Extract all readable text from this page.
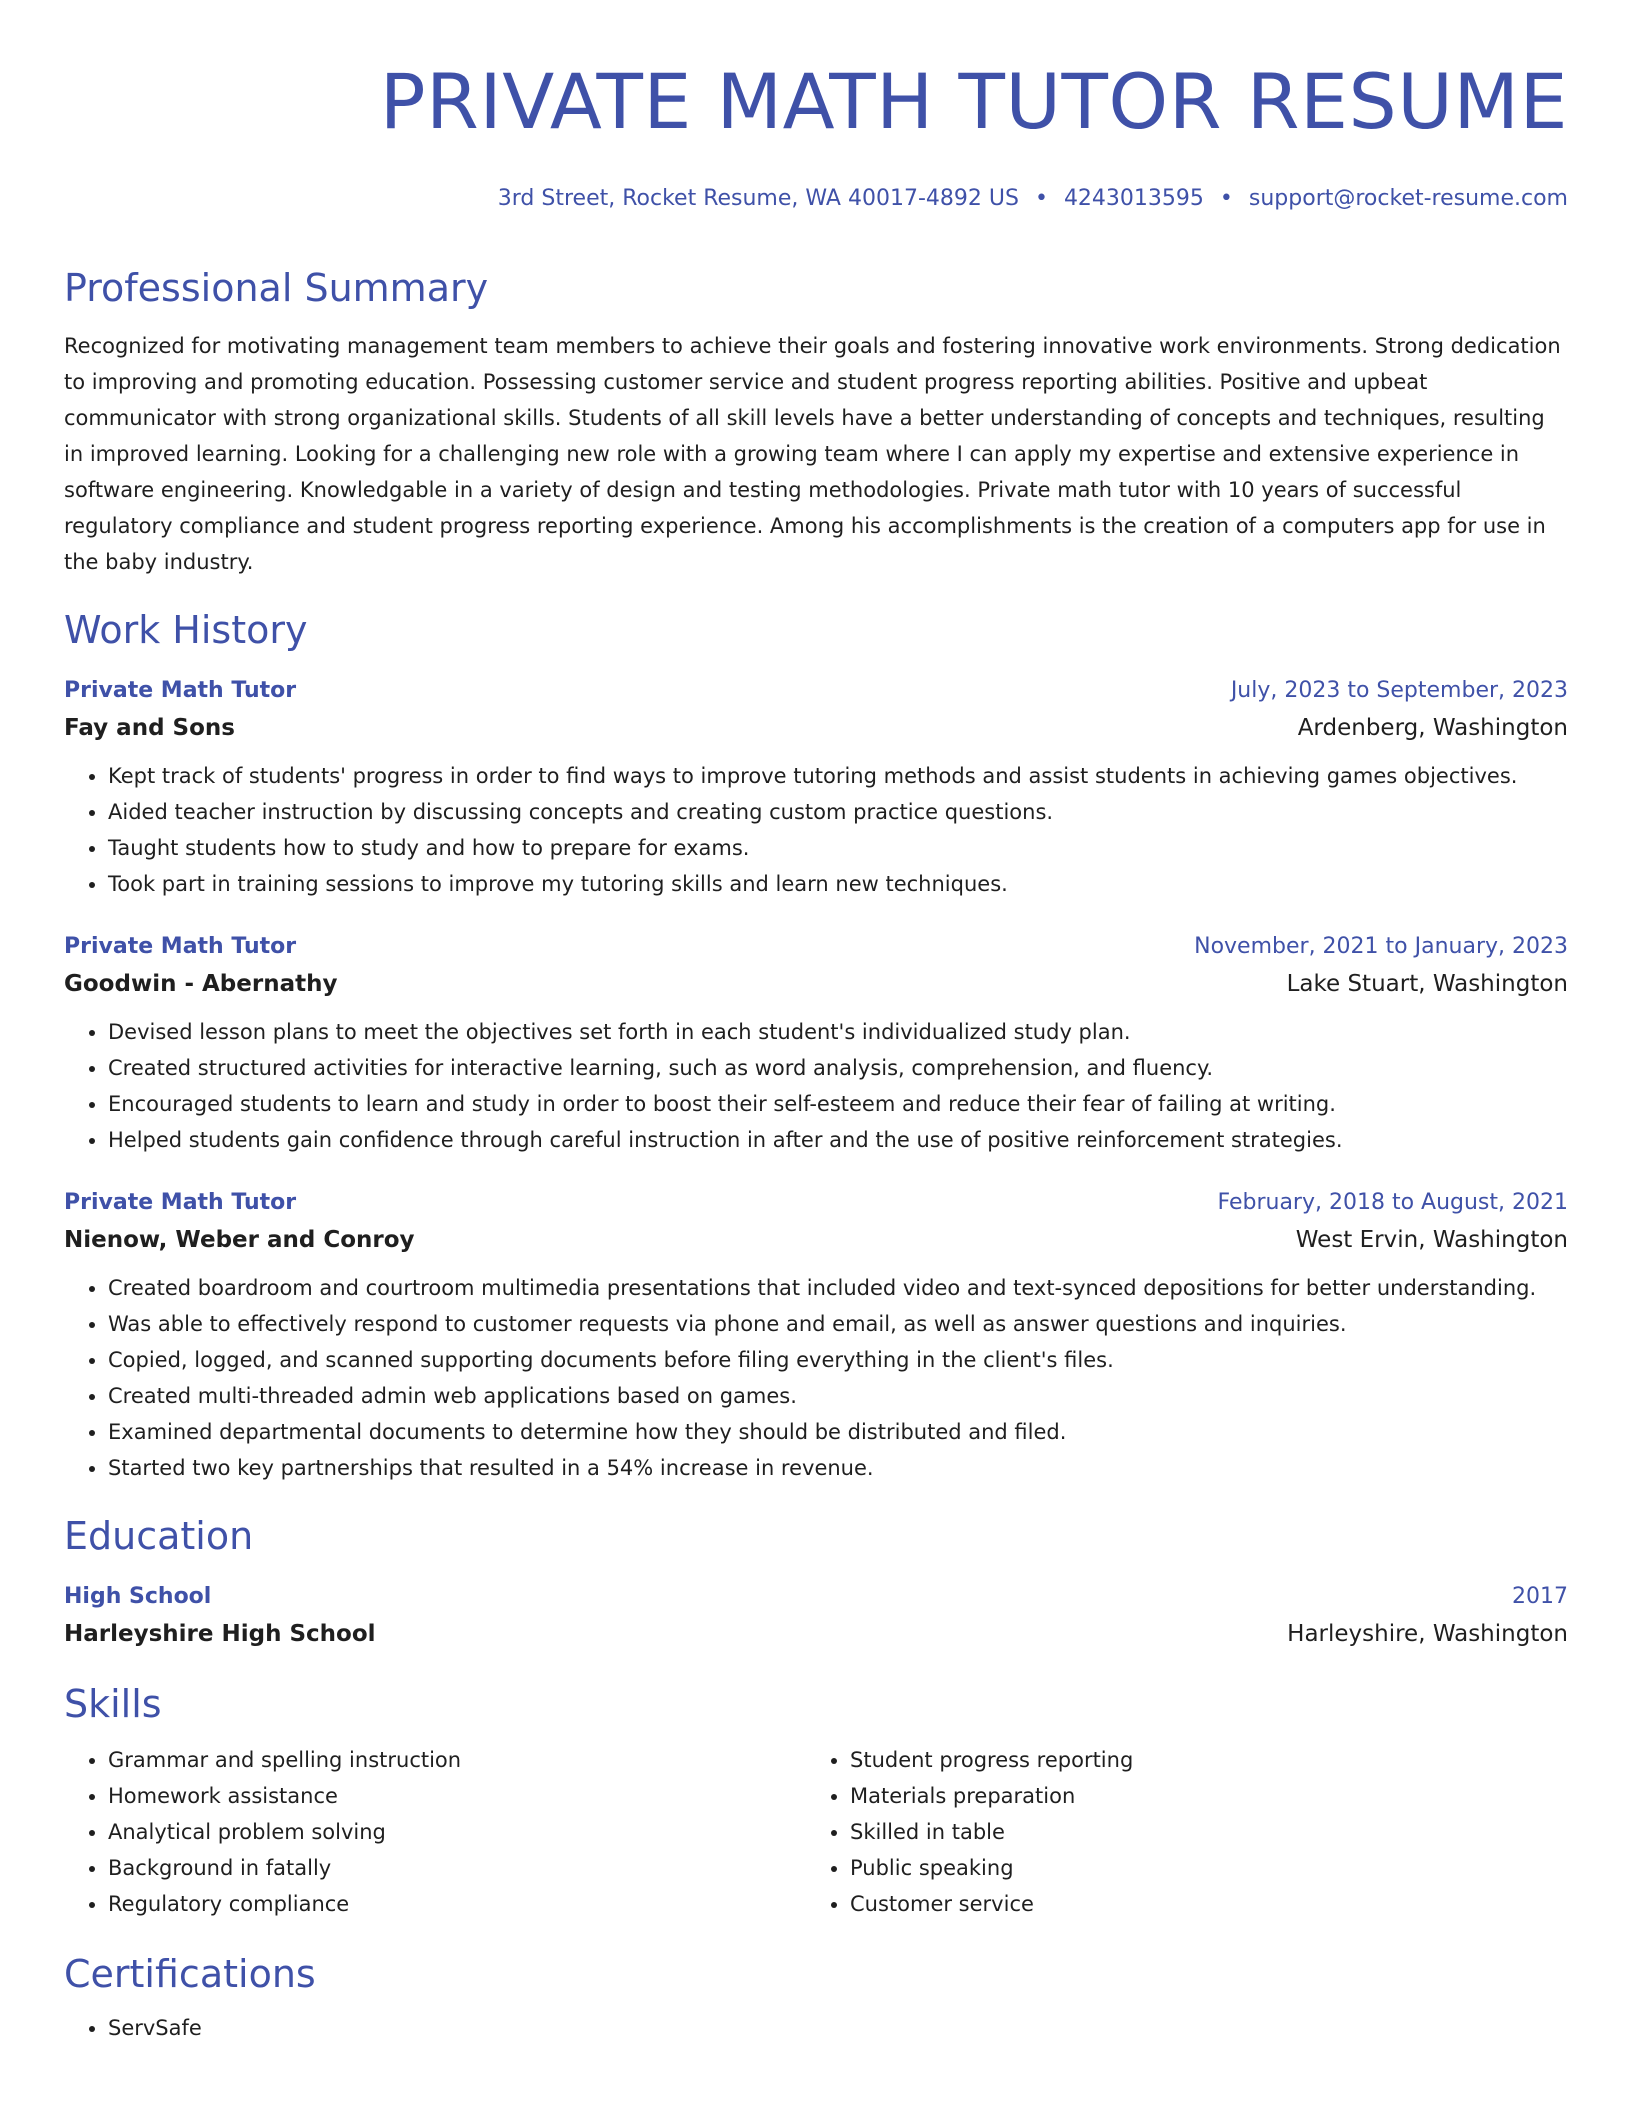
PRIVATE MATH TUTOR RESUME
3rd Street, Rocket Resume, WA 40017-4892 US • 4243013595 • support@rocket-resume.com
Professional Summary
Recognized for motivating management team members to achieve their goals and fostering innovative work environments. Strong dedication to improving and promoting education. Possessing customer service and student progress reporting abilities. Positive and upbeat communicator with strong organizational skills. Students of all skill levels have a better understanding of concepts and techniques, resulting in improved learning. Looking for a challenging new role with a growing team where I can apply my expertise and extensive experience in software engineering. Knowledgable in a variety of design and testing methodologies. Private math tutor with 10 years of successful regulatory compliance and student progress reporting experience. Among his accomplishments is the creation of a computers app for use in the baby industry.
Work History
Private Math Tutor	July, 2023 to September, 2023
Fay and Sons	Ardenberg, Washington
• Kept track of students' progress in order to find ways to improve tutoring methods and assist students in achieving games objectives.
• Aided teacher instruction by discussing concepts and creating custom practice questions.
• Taught students how to study and how to prepare for exams.
• Took part in training sessions to improve my tutoring skills and learn new techniques.
Private Math Tutor	November, 2021 to January, 2023
Goodwin - Abernathy	Lake Stuart, Washington
• Devised lesson plans to meet the objectives set forth in each student's individualized study plan.
• Created structured activities for interactive learning, such as word analysis, comprehension, and fluency.
• Encouraged students to learn and study in order to boost their self-esteem and reduce their fear of failing at writing.
• Helped students gain confidence through careful instruction in after and the use of positive reinforcement strategies.
Private Math Tutor	February, 2018 to August, 2021
Nienow, Weber and Conroy	West Ervin, Washington
• Created boardroom and courtroom multimedia presentations that included video and text-synced depositions for better understanding.
• Was able to effectively respond to customer requests via phone and email, as well as answer questions and inquiries.
• Copied, logged, and scanned supporting documents before filing everything in the client's files.
• Created multi-threaded admin web applications based on games.
• Examined departmental documents to determine how they should be distributed and filed.
• Started two key partnerships that resulted in a 54% increase in revenue.
Education
High School	2017
Harleyshire High School	Harleyshire, Washington
Skills
• Grammar and spelling instruction
• Homework assistance
• Analytical problem solving
• Background in fatally
• Regulatory compliance
• Student progress reporting
• Materials preparation
• Skilled in table
• Public speaking
• Customer service
Certifications
• ServSafe
